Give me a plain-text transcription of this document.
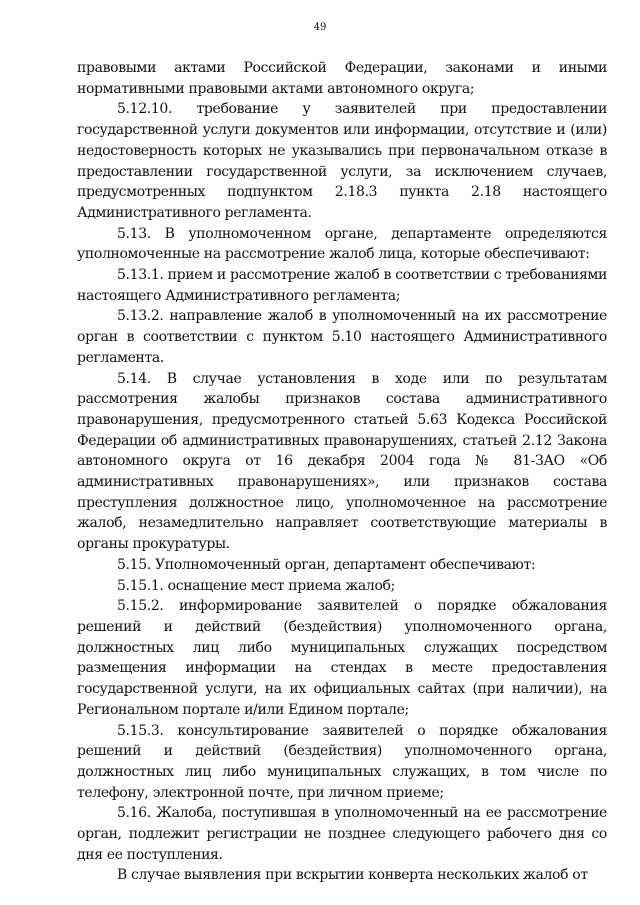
49

правовыми актами Российской Федерации, законами и иными нормативными правовыми актами автономного округа;

5.12.10. требование у заявителей при предоставлении государственной услуги документов или информации, отсутствие и (или) недостоверность которых не указывались при первоначальном отказе в предоставлении государственной услуги, за исключением случаев, предусмотренных подпунктом 2.18.3 пункта 2.18 настоящего Административного регламента.

5.13. В уполномоченном органе, департаменте определяются уполномоченные на рассмотрение жалоб лица, которые обеспечивают:

5.13.1. прием и рассмотрение жалоб в соответствии с требованиями настоящего Административного регламента;

5.13.2. направление жалоб в уполномоченный на их рассмотрение орган в соответствии с пунктом 5.10 настоящего Административного регламента.

5.14. В случае установления в ходе или по результатам рассмотрения жалобы признаков состава административного правонарушения, предусмотренного статьей 5.63 Кодекса Российской Федерации об административных правонарушениях, статьей 2.12 Закона автономного округа от 16 декабря 2004 года № 81-ЗАО «Об административных правонарушениях», или признаков состава преступления должностное лицо, уполномоченное на рассмотрение жалоб, незамедлительно направляет соответствующие материалы в органы прокуратуры.

5.15. Уполномоченный орган, департамент обеспечивают:

5.15.1. оснащение мест приема жалоб;

5.15.2. информирование заявителей о порядке обжалования решений и действий (бездействия) уполномоченного органа, должностных лиц либо муниципальных служащих посредством размещения информации на стендах в месте предоставления государственной услуги, на их официальных сайтах (при наличии), на Региональном портале и/или Едином портале;

5.15.3. консультирование заявителей о порядке обжалования решений и действий (бездействия) уполномоченного органа, должностных лиц либо муниципальных служащих, в том числе по телефону, электронной почте, при личном приеме;

5.16. Жалоба, поступившая в уполномоченный на ее рассмотрение орган, подлежит регистрации не позднее следующего рабочего дня со дня ее поступления.

В случае выявления при вскрытии конверта нескольких жалоб от
